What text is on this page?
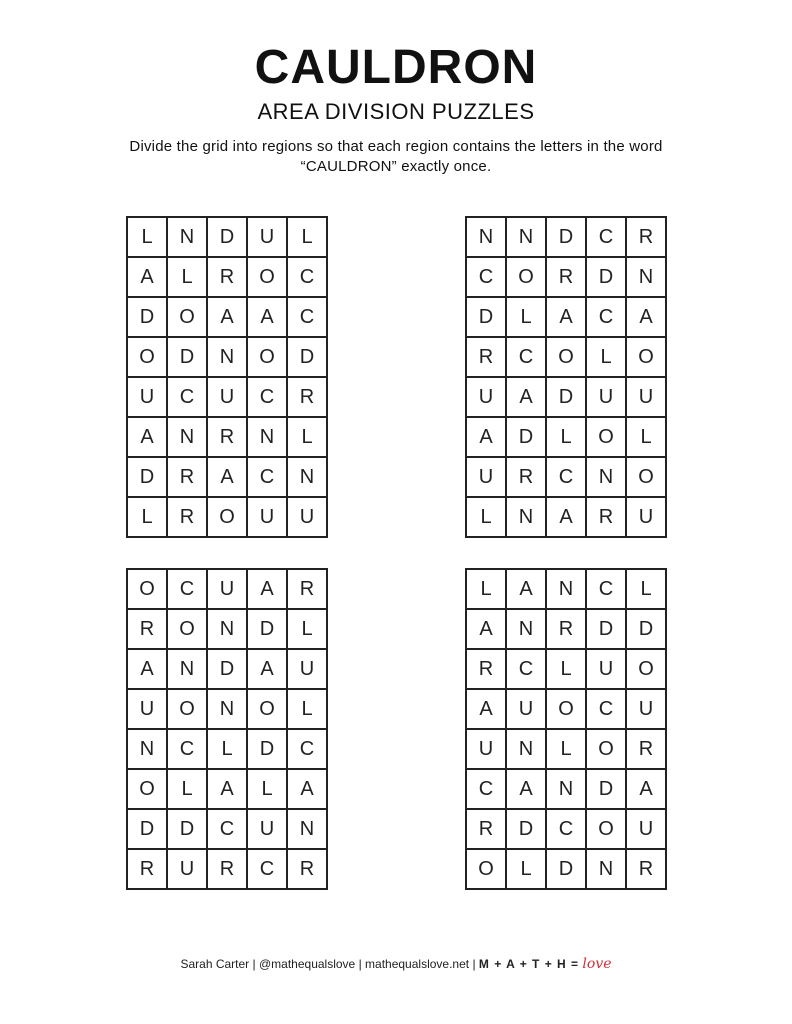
CAULDRON
AREA DIVISION PUZZLES
Divide the grid into regions so that each region contains the letters in the word “CAULDRON” exactly once.
L	N	D	U	L
A	L	R	O	C
D	O	A	A	C
O	D	N	O	D
U	C	U	C	R
A	N	R	N	L
D	R	A	C	N
L	R	O	U	U
N	N	D	C	R
C	O	R	D	N
D	L	A	C	A
R	C	O	L	O
U	A	D	U	U
A	D	L	O	L
U	R	C	N	O
L	N	A	R	U
O	C	U	A	R
R	O	N	D	L
A	N	D	A	U
U	O	N	O	L
N	C	L	D	C
O	L	A	L	A
D	D	C	U	N
R	U	R	C	R
L	A	N	C	L
A	N	R	D	D
R	C	L	U	O
A	U	O	C	U
U	N	L	O	R
C	A	N	D	A
R	D	C	O	U
O	L	D	N	R
Sarah Carter | @mathequalslove | mathequalslove.net | M + A + T + H = love
